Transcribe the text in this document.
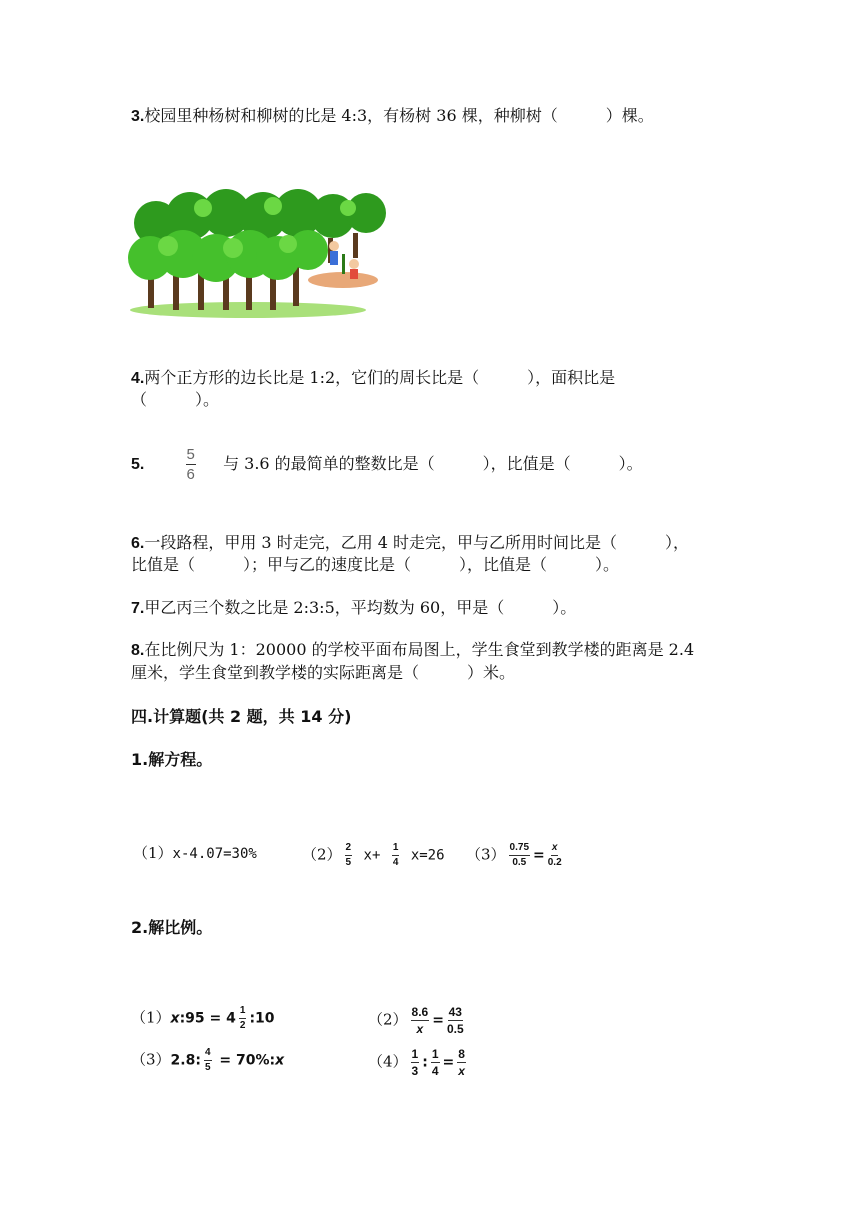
3.校园里种杨树和柳树的比是 4:3，有杨树 36 棵，种柳树（　　　）棵。
4.两个正方形的边长比是 1:2，它们的周长比是（　　　），面积比是
（　　　）。
5.	$\frac{5}{6}$ 与 3.6 的最简单的整数比是（　　　），比值是（　　　）。
6.一段路程，甲用 3 时走完，乙用 4 时走完，甲与乙所用时间比是（　　　），
比值是（　　　）；甲与乙的速度比是（　　　），比值是（　　　）。
7.甲乙丙三个数之比是 2:3:5，平均数为 60，甲是（　　　）。
8.在比例尺为 1：20000 的学校平面布局图上，学生食堂到教学楼的距离是 2.4
厘米，学生食堂到教学楼的实际距离是（　　　）米。
四.计算题(共 2 题，共 14 分)
1.解方程。
（1）x-4.07=30%	$(2) \frac{2}{5} x+ \frac{1}{4} x=26$ $(3) \frac{0.75}{0.5} = \frac{x}{0.2}$
2.解比例。
（1）x:95 = $4 \frac{1}{2}$ :10	$(2) \frac{8.6}{x} = \frac{43}{0.5}$
（3）2.8: $\frac{4}{5}$ = 70%:x	$(4) \frac{1}{3}$ : $\frac{1}{4} = \frac{8}{x}$
